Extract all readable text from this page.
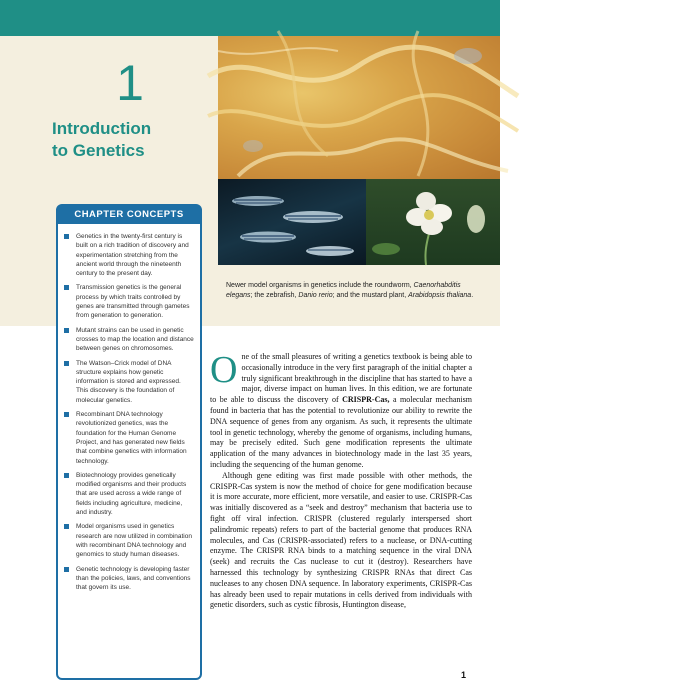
1
Introduction
to Genetics
JAFARI ROWIN
PUBLICATION
Newer model organisms in genetics include the roundworm, Caenorhabditis elegans; the zebrafish, Danio rerio; and the mustard plant, Arabidopsis thaliana.
CHAPTER CONCEPTS
Genetics in the twenty-first century is built on a rich tradition of discovery and experimentation stretching from the ancient world through the nineteenth century to the present day.
Transmission genetics is the general process by which traits controlled by genes are transmitted through gametes from generation to generation.
Mutant strains can be used in genetic crosses to map the location and distance between genes on chromosomes.
The Watson–Crick model of DNA structure explains how genetic information is stored and expressed. This discovery is the foundation of molecular genetics.
Recombinant DNA technology revolutionized genetics, was the foundation for the Human Genome Project, and has generated new fields that combine genetics with information technology.
Biotechnology provides genetically modified organisms and their products that are used across a wide range of fields including agriculture, medicine, and industry.
Model organisms used in genetics research are now utilized in combination with recombinant DNA technology and genomics to study human diseases.
Genetic technology is developing faster than the policies, laws, and conventions that govern its use.

One of the small pleasures of writing a genetics textbook is being able to occasionally introduce in the very first paragraph of the initial chapter a truly significant breakthrough in the discipline that has started to have a major, diverse impact on human lives. In this edition, we are fortunate to be able to discuss the discovery of CRISPR-Cas, a molecular mechanism found in bacteria that has the potential to revolutionize our ability to rewrite the DNA sequence of genes from any organism. As such, it represents the ultimate tool in genetic technology, whereby the genome of organisms, including humans, may be precisely edited. Such gene modification represents the ultimate application of the many advances in biotechnology made in the last 35 years, including the sequencing of the human genome.

Although gene editing was first made possible with other methods, the CRISPR-Cas system is now the method of choice for gene modification because it is more accurate, more efficient, more versatile, and easier to use. CRISPR-Cas was initially discovered as a “seek and destroy” mechanism that bacteria use to fight off viral infection. CRISPR (clustered regularly interspersed short palindromic repeats) refers to part of the bacterial genome that produces RNA molecules, and Cas (CRISPR-associated) refers to a nuclease, or DNA-cutting enzyme. The CRISPR RNA binds to a matching sequence in the viral DNA (seek) and recruits the Cas nuclease to cut it (destroy). Researchers have harnessed this technology by synthesizing CRISPR RNAs that direct Cas nucleases to any chosen DNA sequence. In laboratory experiments, CRISPR-Cas has already been used to repair mutations in cells derived from individuals with genetic disorders, such as cystic fibrosis, Huntington disease,

1
